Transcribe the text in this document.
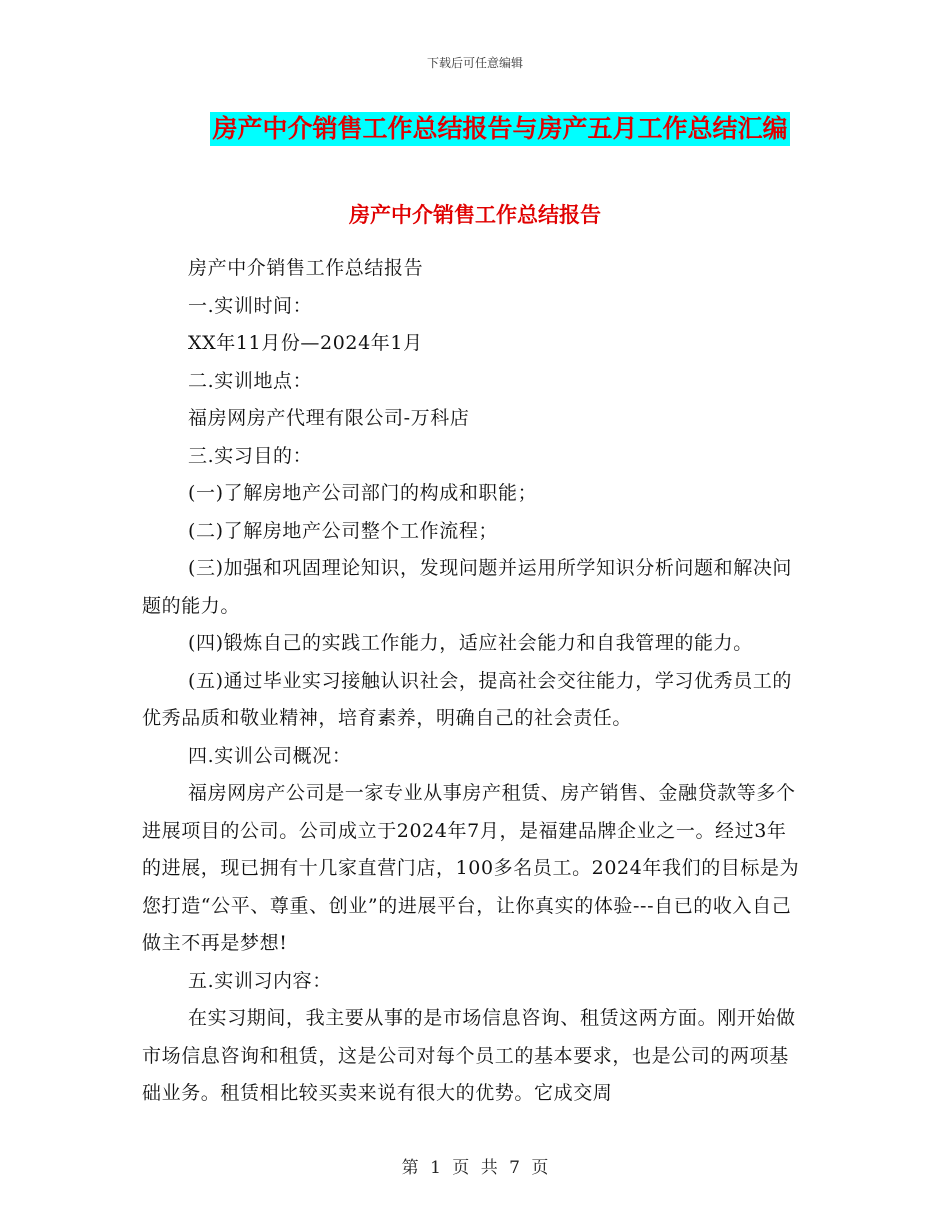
下载后可任意编辑
房产中介销售工作总结报告与房产五月工作总结汇编
房产中介销售工作总结报告

房产中介销售工作总结报告

一.实训时间：

XX年11月份—2024年1月

二.实训地点：

福房网房产代理有限公司-万科店

三.实习目的：

(一)了解房地产公司部门的构成和职能；

(二)了解房地产公司整个工作流程；

(三)加强和巩固理论知识，发现问题并运用所学知识分析问题和解决问题的能力。

(四)锻炼自己的实践工作能力，适应社会能力和自我管理的能力。

(五)通过毕业实习接触认识社会，提高社会交往能力，学习优秀员工的优秀品质和敬业精神，培育素养，明确自己的社会责任。

四.实训公司概况：

福房网房产公司是一家专业从事房产租赁、房产销售、金融贷款等多个进展项目的公司。公司成立于2024年7月，是福建品牌企业之一。经过3年的进展，现已拥有十几家直营门店，100多名员工。2024年我们的目标是为您打造“公平、尊重、创业”的进展平台，让你真实的体验---自已的收入自己做主不再是梦想!

五.实训习内容：

在实习期间，我主要从事的是市场信息咨询、租赁这两方面。刚开始做市场信息咨询和租赁，这是公司对每个员工的基本要求，也是公司的两项基础业务。租赁相比较买卖来说有很大的优势。它成交周

第 1 页 共 7 页
